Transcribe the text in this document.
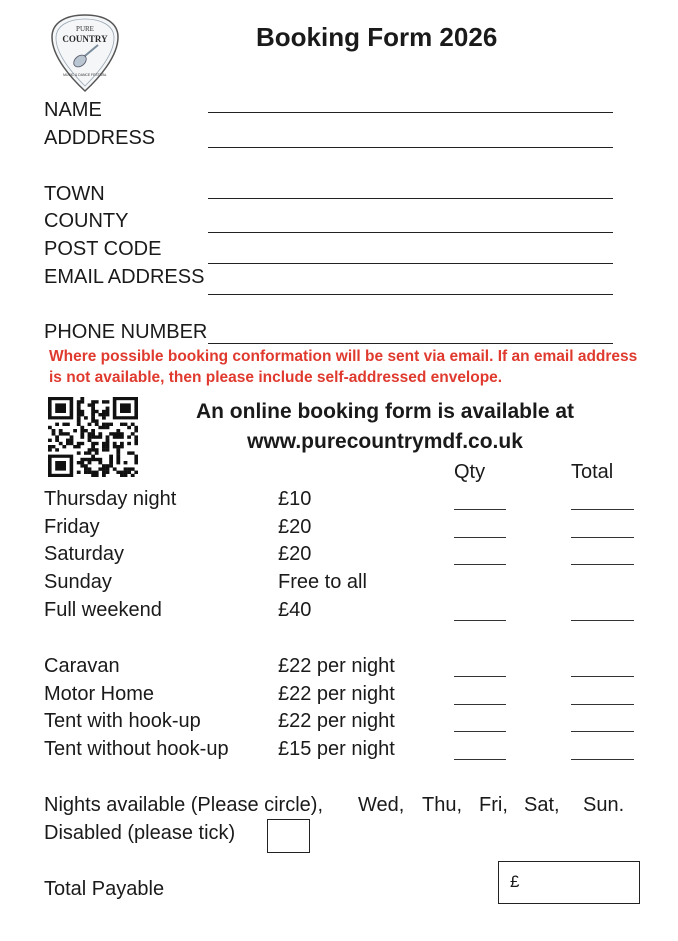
PURE
COUNTRY
MUSIC & DANCE FESTIVAL
Booking Form 2026
NAME
ADDDRESS
TOWN
COUNTY
POST CODE
EMAIL ADDRESS
PHONE NUMBER
Where possible booking conformation will be sent via email. If an email address is not available, then please include self-addressed envelope.
An online booking form is available at
www.purecountrymdf.co.uk
Qty	Total
Thursday night	£10
Friday	£20
Saturday	£20
Sunday	Free to all
Full weekend	£40
Caravan	£22 per night
Motor Home	£22 per night
Tent with hook-up	£22 per night
Tent without hook-up £15 per night
Nights available (Please circle), Wed, Thu, Fri, Sat, Sun.
Disabled (please tick)
Total Payable	£
